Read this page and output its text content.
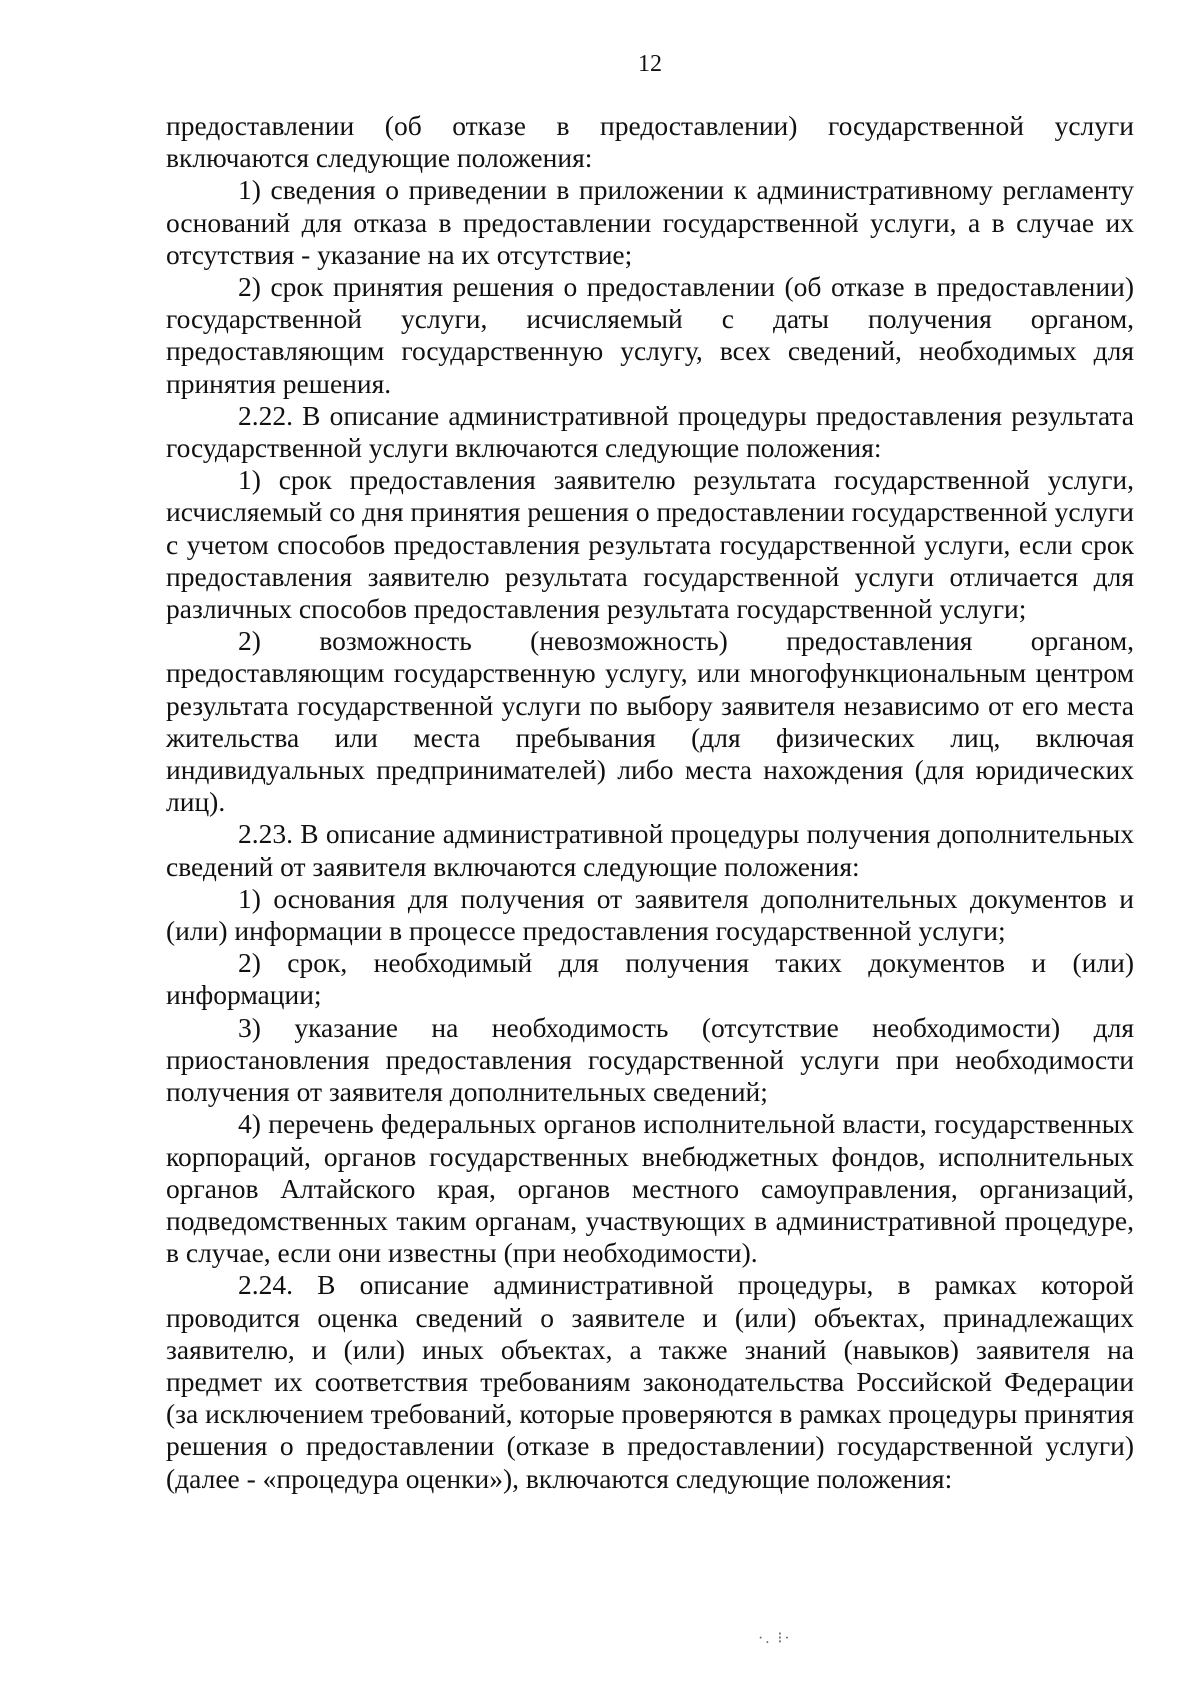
12

предоставлении (об отказе в предоставлении) государственной услуги включаются следующие положения:

1) сведения о приведении в приложении к административному регламенту оснований для отказа в предоставлении государственной услуги, а в случае их отсутствия - указание на их отсутствие;

2) срок принятия решения о предоставлении (об отказе в предоставлении) государственной услуги, исчисляемый с даты получения органом, предоставляющим государственную услугу, всех сведений, необходимых для принятия решения.

2.22. В описание административной процедуры предоставления результата государственной услуги включаются следующие положения:

1) срок предоставления заявителю результата государственной услуги, исчисляемый со дня принятия решения о предоставлении государственной услуги с учетом способов предоставления результата государственной услуги, если срок предоставления заявителю результата государственной услуги отличается для различных способов предоставления результата государственной услуги;

2) возможность (невозможность) предоставления органом, предоставляющим государственную услугу, или многофункциональным центром результата государственной услуги по выбору заявителя независимо от его места жительства или места пребывания (для физических лиц, включая индивидуальных предпринимателей) либо места нахождения (для юридических лиц).

2.23. В описание административной процедуры получения дополнительных сведений от заявителя включаются следующие положения:

1) основания для получения от заявителя дополнительных документов и (или) информации в процессе предоставления государственной услуги;

2) срок, необходимый для получения таких документов и (или) информации;

3) указание на необходимость (отсутствие необходимости) для приостановления предоставления государственной услуги при необходимости получения от заявителя дополнительных сведений;

4) перечень федеральных органов исполнительной власти, государственных корпораций, органов государственных внебюджетных фондов, исполнительных органов Алтайского края, органов местного самоуправления, организаций, подведомственных таким органам, участвующих в административной процедуре, в случае, если они известны (при необходимости).

2.24. В описание административной процедуры, в рамках которой проводится оценка сведений о заявителе и (или) объектах, принадлежащих заявителю, и (или) иных объектах, а также знаний (навыков) заявителя на предмет их соответствия требованиям законодательства Российской Федерации (за исключением требований, которые проверяются в рамках процедуры принятия решения о предоставлении (отказе в предоставлении) государственной услуги) (далее - «процедура оценки»), включаются следующие положения:

·. ⁝·
